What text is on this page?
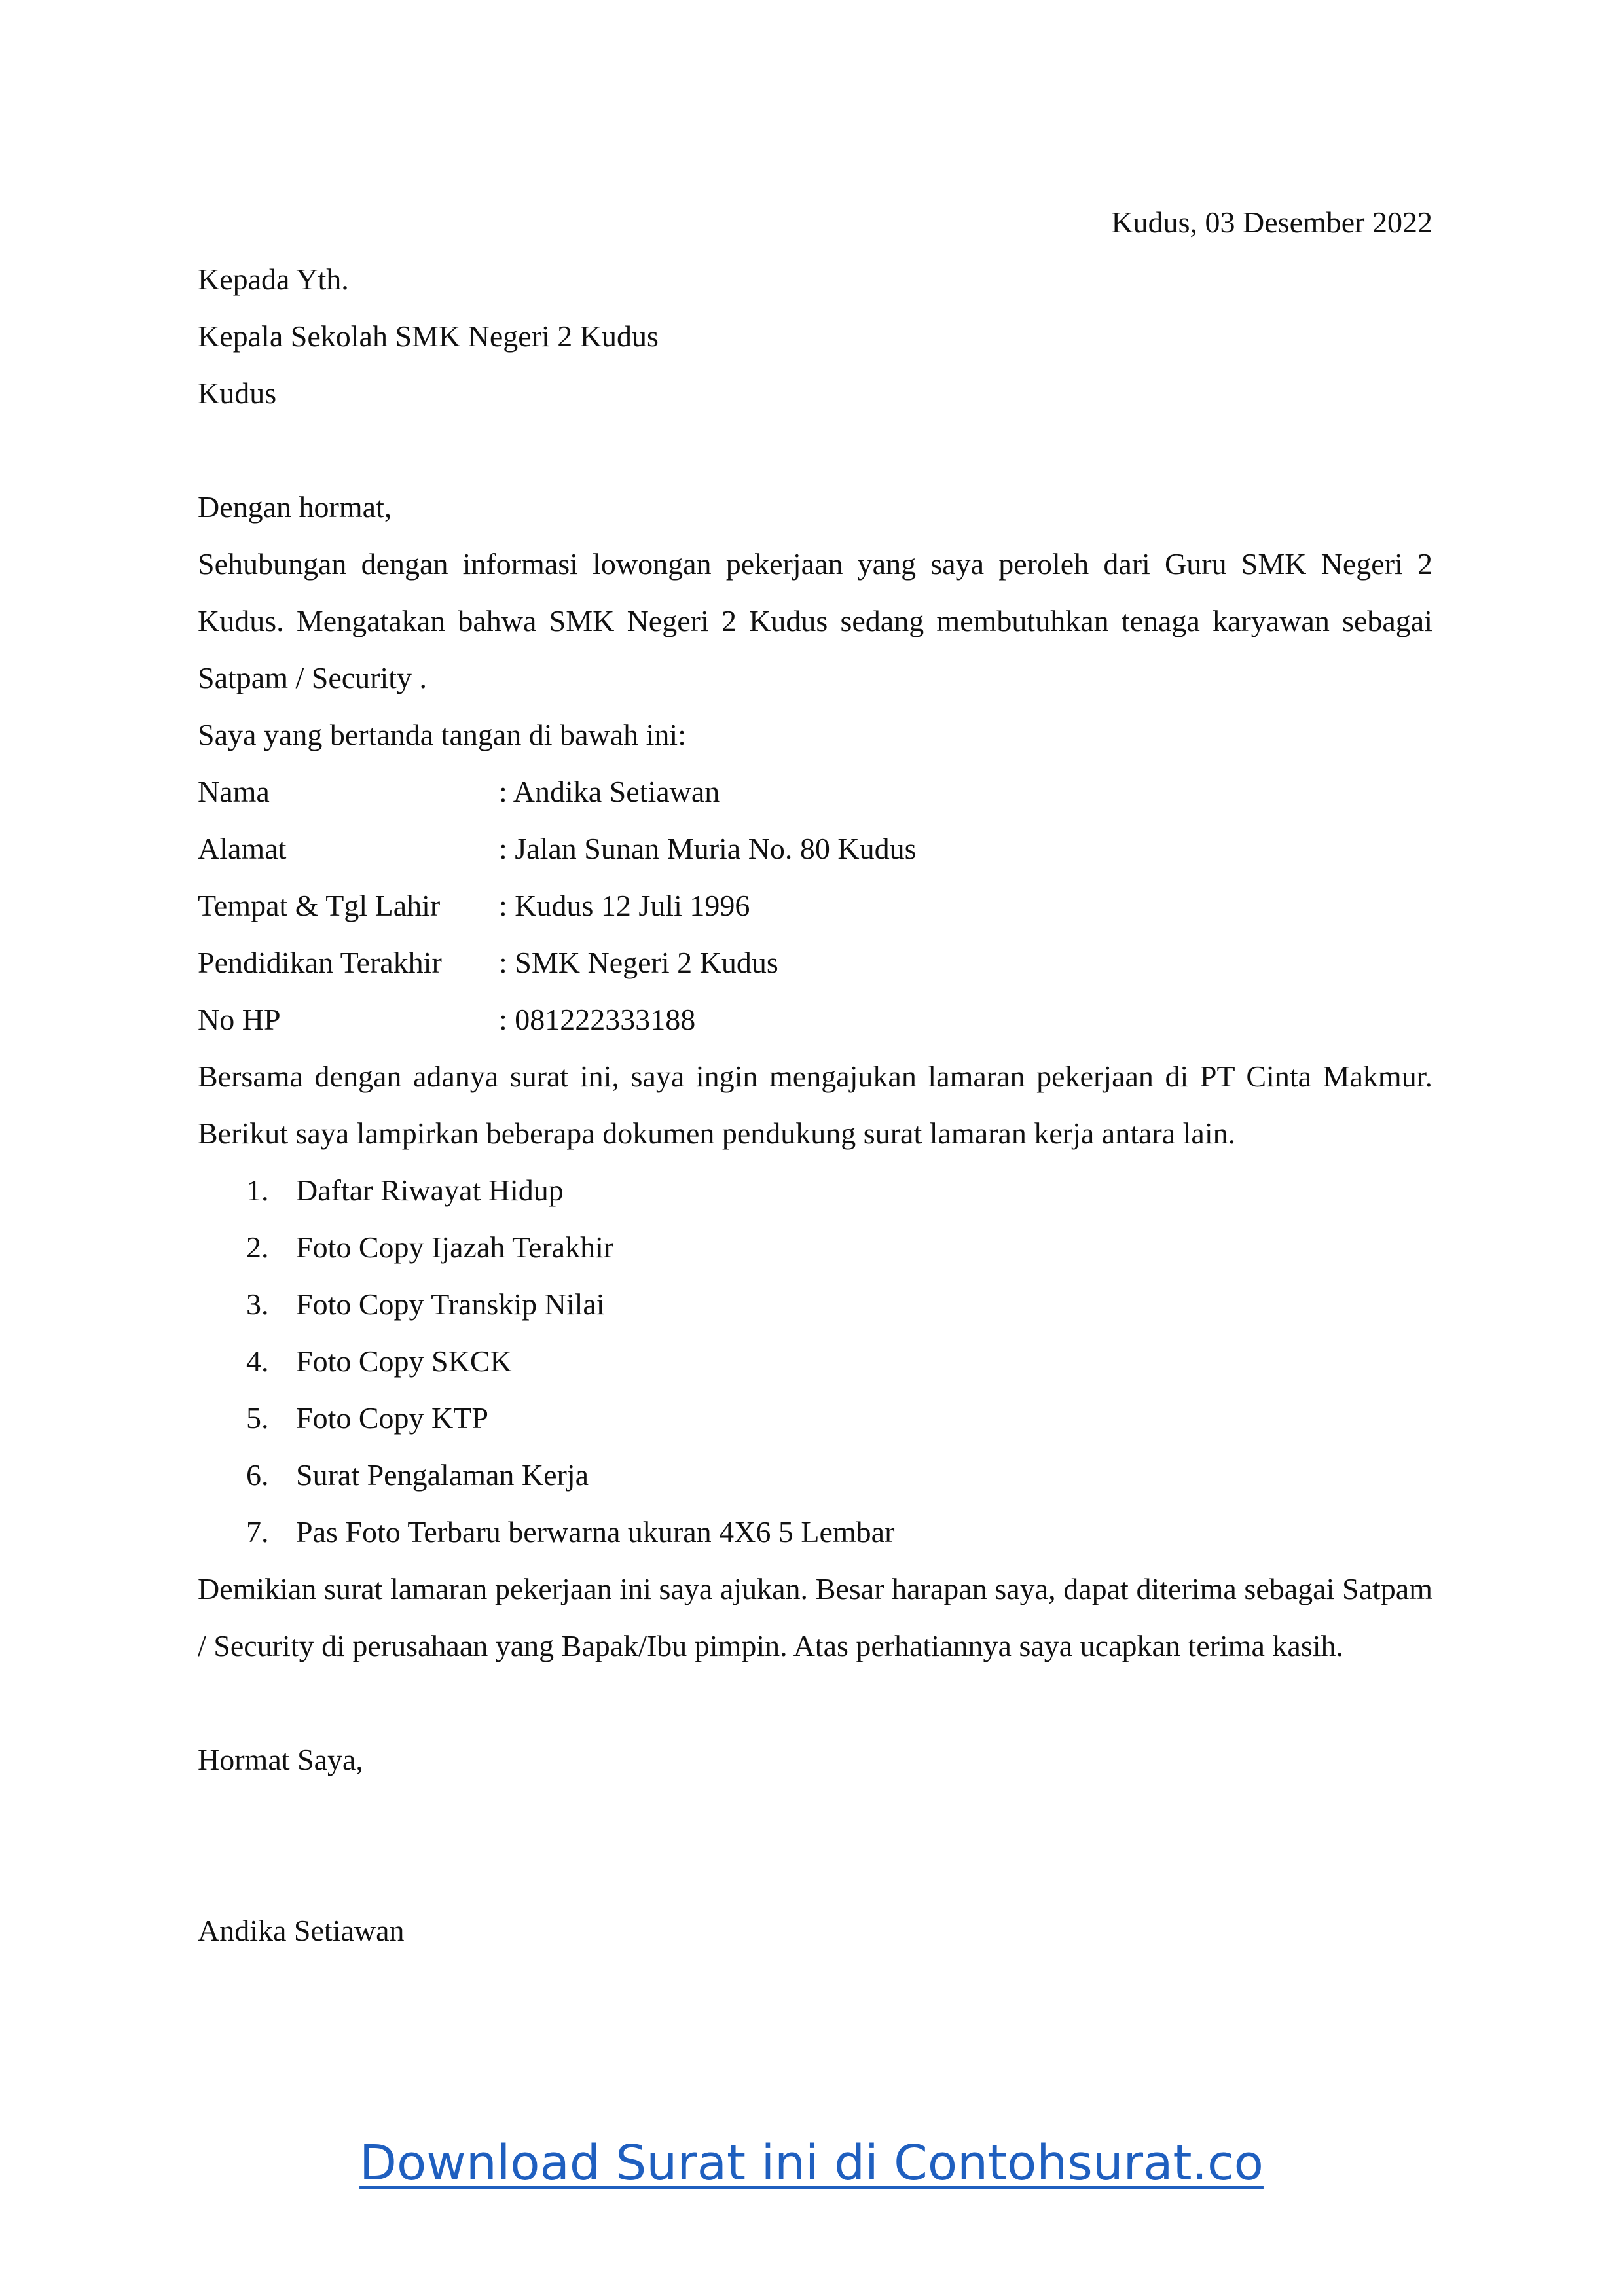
Kudus, 03 Desember 2022
Kepada Yth.
Kepala Sekolah SMK Negeri 2 Kudus
Kudus
Dengan hormat,

Sehubungan dengan informasi lowongan pekerjaan yang saya peroleh dari Guru SMK Negeri 2 Kudus. Mengatakan bahwa SMK Negeri 2 Kudus sedang membutuhkan tenaga karyawan sebagai Satpam / Security .

Saya yang bertanda tangan di bawah ini:
Nama	: Andika Setiawan
Alamat	: Jalan Sunan Muria No. 80 Kudus
Tempat & Tgl Lahir	: Kudus 12 Juli 1996
Pendidikan Terakhir	: SMK Negeri 2 Kudus
No HP	: 081222333188

Bersama dengan adanya surat ini, saya ingin mengajukan lamaran pekerjaan di PT Cinta Makmur. Berikut saya lampirkan beberapa dokumen pendukung surat lamaran kerja antara lain.

1. Daftar Riwayat Hidup
2. Foto Copy Ijazah Terakhir
3. Foto Copy Transkip Nilai
4. Foto Copy SKCK
5. Foto Copy KTP
6. Surat Pengalaman Kerja
7. Pas Foto Terbaru berwarna ukuran 4X6 5 Lembar

Demikian surat lamaran pekerjaan ini saya ajukan. Besar harapan saya, dapat diterima sebagai Satpam / Security di perusahaan yang Bapak/Ibu pimpin. Atas perhatiannya saya ucapkan terima kasih.

Hormat Saya,
Andika Setiawan
Download Surat ini di Contohsurat.co
